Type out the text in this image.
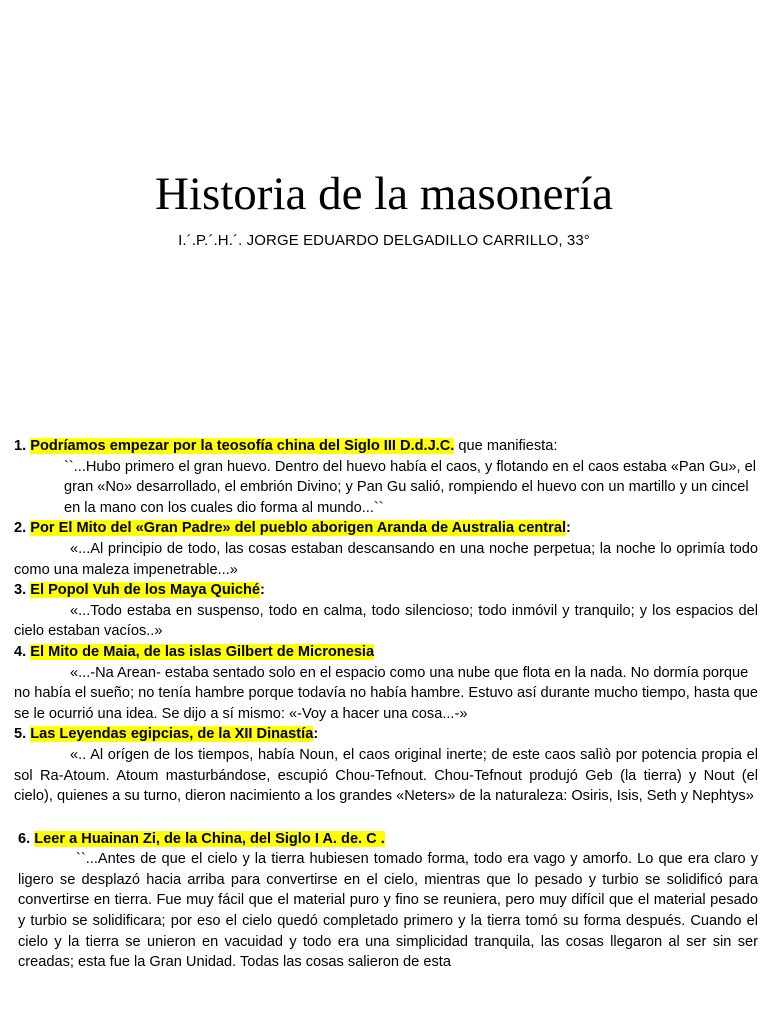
Historia de la masonería
I.´.P.´.H.´. JORGE EDUARDO DELGADILLO CARRILLO, 33°

1. Podríamos empezar por la teosofía china del Siglo III D.d.J.C. que manifiesta:

``...Hubo primero el gran huevo. Dentro del huevo había el caos, y flotando en el caos estaba «Pan Gu», el gran «No» desarrollado, el embrión Divino; y Pan Gu salió, rompiendo el huevo con un martillo y un cincel en la mano con los cuales dio forma al mundo...``

2. Por El Mito del «Gran Padre» del pueblo aborigen Aranda de Australia central:

«...Al principio de todo, las cosas estaban descansando en una noche perpetua; la noche lo oprimía todo como una maleza impenetrable...»

3. El Popol Vuh de los Maya Quiché:

«...Todo estaba en suspenso, todo en calma, todo silencioso; todo inmóvil y tranquilo; y los espacios del cielo estaban vacíos..»

4. El Mito de Maia, de las islas Gilbert de Micronesia

«...-Na Arean- estaba sentado solo en el espacio como una nube que flota en la nada. No dormía porque no había el sueño; no tenía hambre porque todavía no había hambre. Estuvo así durante mucho tiempo, hasta que se le ocurrió una idea. Se dijo a sí mismo: «-Voy a hacer una cosa...-»

5. Las Leyendas egipcias, de la XII Dinastía:

«.. Al orígen de los tiempos, había Noun, el caos original inerte; de este caos salìò por potencia propia el sol Ra-Atoum. Atoum masturbándose, escupió Chou-Tefnout. Chou-Tefnout produjó Geb (la tierra) y Nout (el cielo), quienes a su turno, dieron nacimiento a los grandes «Neters» de la naturaleza: Osiris, Isis, Seth y Nephtys»

6. Leer a Huainan Zi, de la China, del Siglo I A. de. C .

``...Antes de que el cielo y la tierra hubiesen tomado forma, todo era vago y amorfo. Lo que era claro y ligero se desplazó hacia arriba para convertirse en el cielo, mientras que lo pesado y turbio se solidificó para convertirse en tierra. Fue muy fácil que el material puro y fino se reuniera, pero muy difícil que el material pesado y turbio se solidificara; por eso el cielo quedó completado primero y la tierra tomó su forma después. Cuando el cielo y la tierra se unieron en vacuidad y todo era una simplicidad tranquila, las cosas llegaron al ser sin ser creadas; esta fue la Gran Unidad. Todas las cosas salieron de esta
